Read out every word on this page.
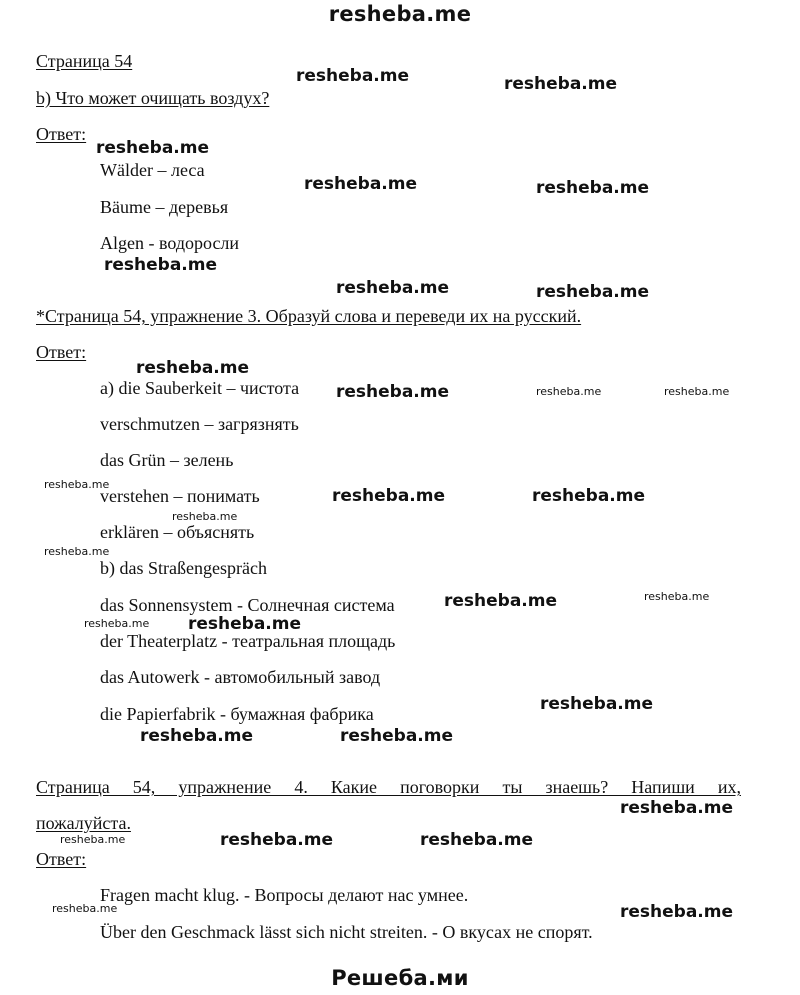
resheba.me
Страница 54
b) Что может очищать воздух?
Ответ:
Wälder – леса
Bäume – деревья
Algen - водоросли
*Страница 54, упражнение 3. Образуй слова и переведи их на русский.
Ответ:
a) die Sauberkeit – чистота
verschmutzen – загрязнять
das Grün – зелень
verstehen – понимать
erklären – объяснять
b) das Straßengespräch
das Sonnensystem - Солнечная система
der Theaterplatz - театральная площадь
das Autowerk - автомобильный завод
die Papierfabrik - бумажная фабрика
Страница 54, упражнение 4. Какие поговорки ты знаешь? Напиши их,
пожалуйста.
Ответ:
Fragen macht klug. - Вопросы делают нас умнее.
Über den Geschmack lässt sich nicht streiten. - О вкусах не спорят.
Решеба.ми
resheba.me	resheba.me
resheba.me
resheba.me	resheba.me
resheba.me
resheba.me	resheba.me
resheba.me
resheba.me
resheba.me	resheba.me
resheba.me
resheba.me
resheba.me
resheba.me	resheba.me
resheba.me
resheba.me	resheba.me
resheba.me
resheba.me	resheba.me
resheba.me
resheba.me
resheba.me
resheba.me
resheba.me
resheba.me
resheba.me
